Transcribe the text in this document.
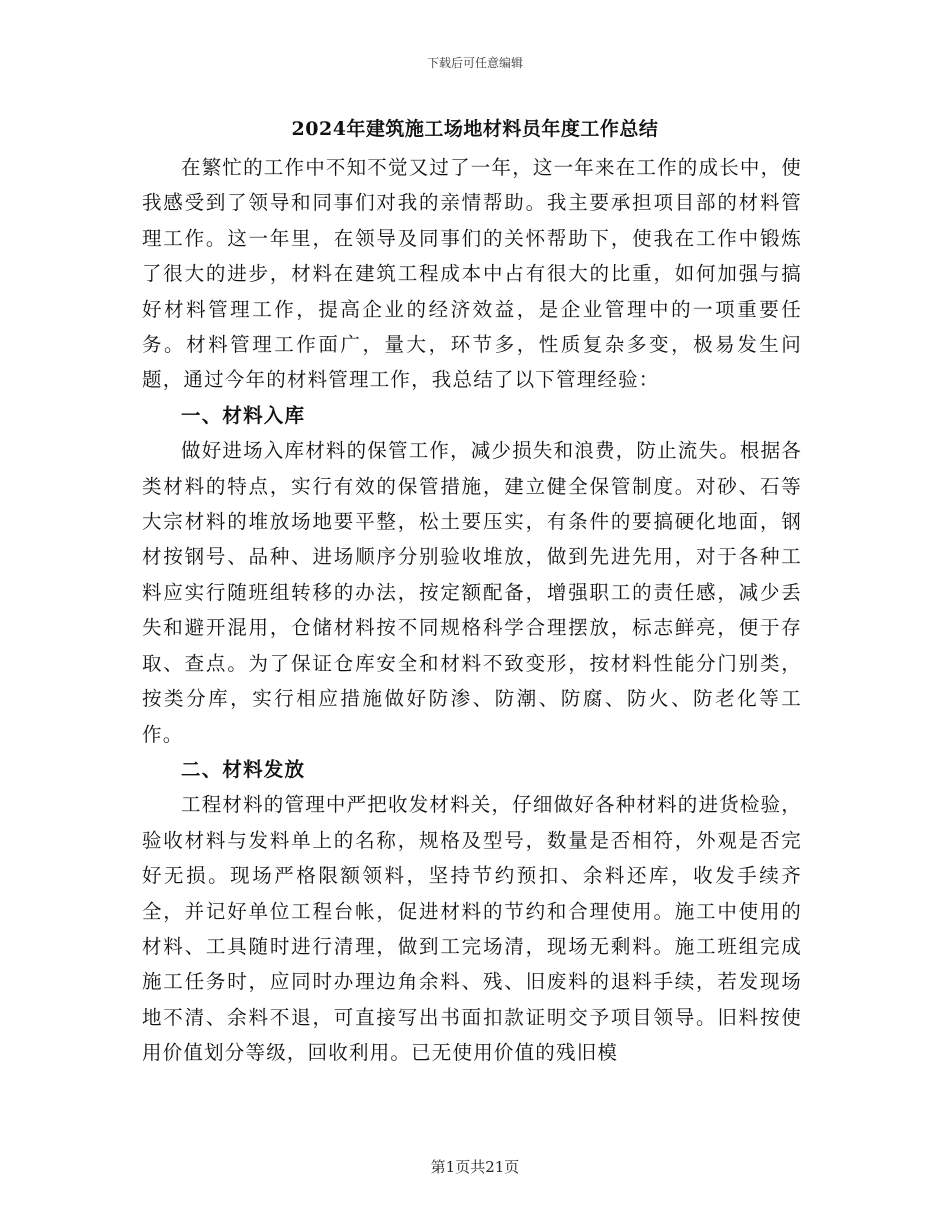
下载后可任意编辑
2024年建筑施工场地材料员年度工作总结

在繁忙的工作中不知不觉又过了一年，这一年来在工作的成长中，使我感受到了领导和同事们对我的亲情帮助。我主要承担项目部的材料管理工作。这一年里，在领导及同事们的关怀帮助下，使我在工作中锻炼了很大的进步，材料在建筑工程成本中占有很大的比重，如何加强与搞好材料管理工作，提高企业的经济效益，是企业管理中的一项重要任务。材料管理工作面广，量大，环节多，性质复杂多变，极易发生问题，通过今年的材料管理工作，我总结了以下管理经验：

一、材料入库

做好进场入库材料的保管工作，减少损失和浪费，防止流失。根据各类材料的特点，实行有效的保管措施，建立健全保管制度。对砂、石等大宗材料的堆放场地要平整，松土要压实，有条件的要搞硬化地面，钢材按钢号、品种、进场顺序分别验收堆放，做到先进先用，对于各种工料应实行随班组转移的办法，按定额配备，增强职工的责任感，减少丢失和避开混用，仓储材料按不同规格科学合理摆放，标志鲜亮，便于存取、查点。为了保证仓库安全和材料不致变形，按材料性能分门别类，按类分库，实行相应措施做好防渗、防潮、防腐、防火、防老化等工作。

二、材料发放

工程材料的管理中严把收发材料关，仔细做好各种材料的进货检验，验收材料与发料单上的名称，规格及型号，数量是否相符，外观是否完好无损。现场严格限额领料，坚持节约预扣、余料还库，收发手续齐全，并记好单位工程台帐，促进材料的节约和合理使用。施工中使用的材料、工具随时进行清理，做到工完场清，现场无剩料。施工班组完成施工任务时，应同时办理边角余料、残、旧废料的退料手续，若发现场地不清、余料不退，可直接写出书面扣款证明交予项目领导。旧料按使用价值划分等级，回收利用。已无使用价值的残旧模

第1页共21页
